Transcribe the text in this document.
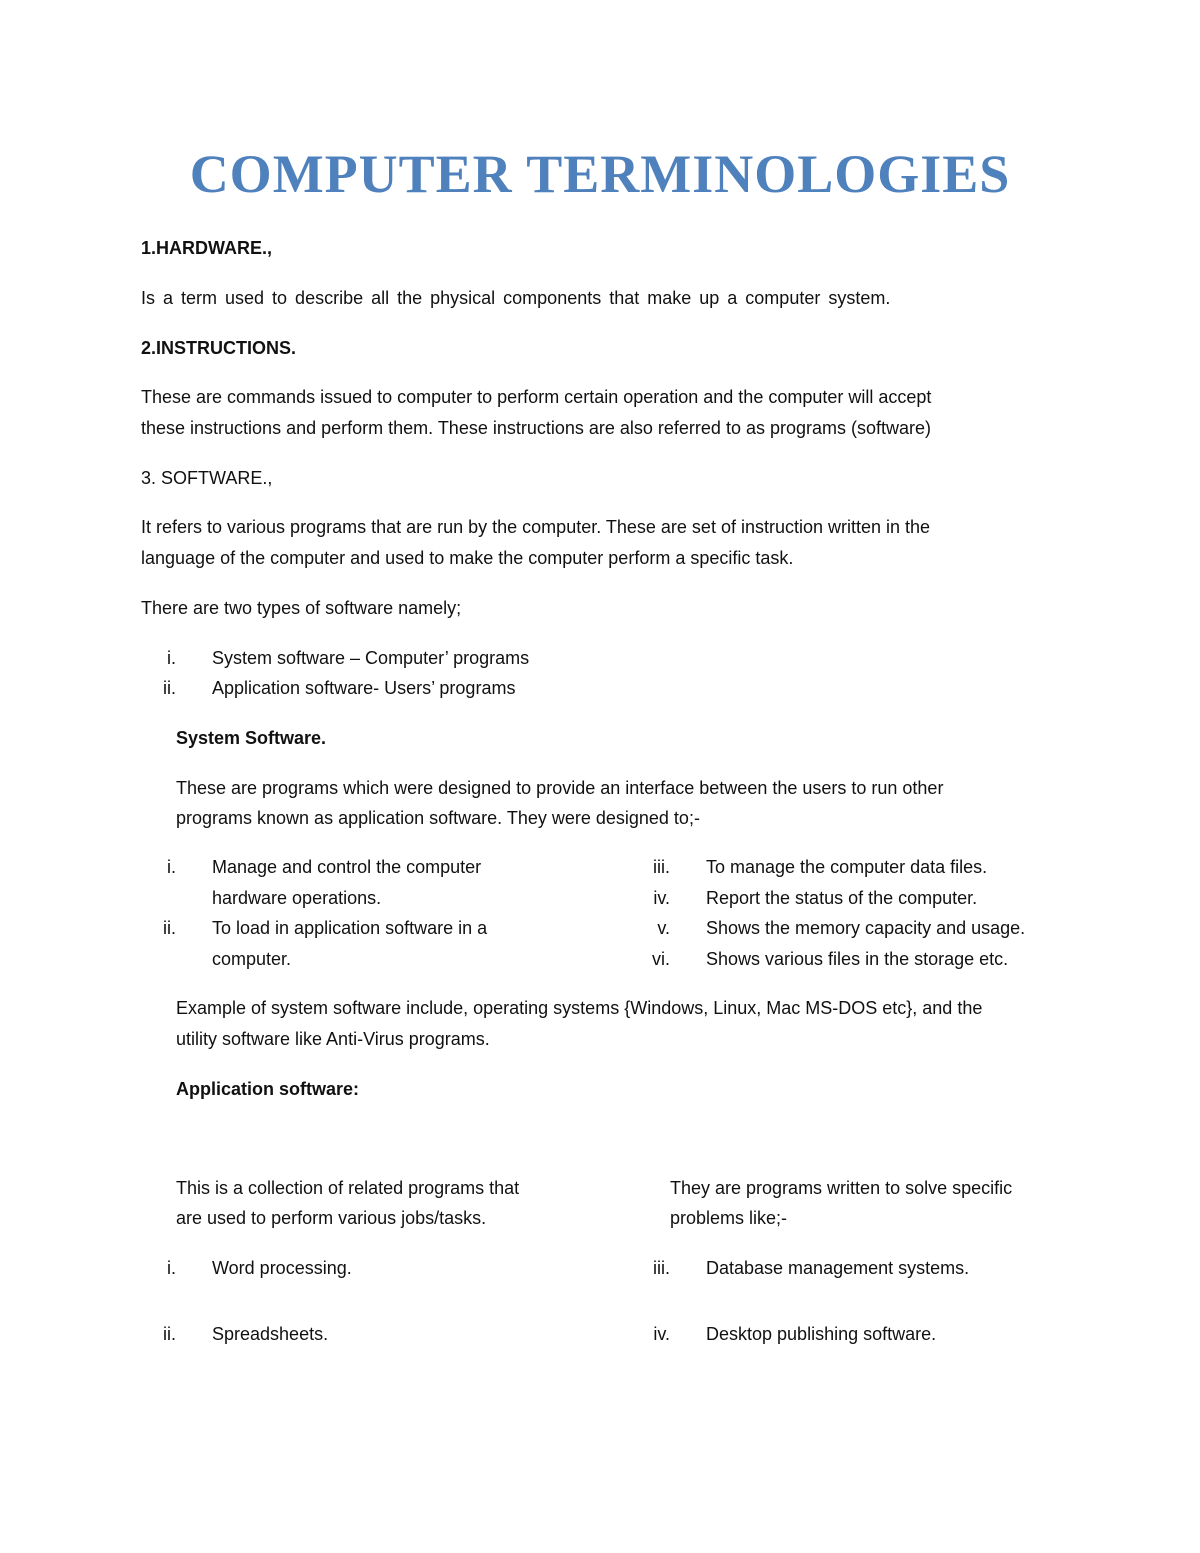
COMPUTER TERMINOLOGIES

1.HARDWARE.,

Is a term used to describe all the physical components that make up a computer system.

2.INSTRUCTIONS.

These are commands issued to computer to perform certain operation and the computer will accept

these instructions and perform them. These instructions are also referred to as programs (software)

3. SOFTWARE.,

It refers to various programs that are run by the computer. These are set of instruction written in the

language of the computer and used to make the computer perform a specific task.

There are two types of software namely;

i. System software – Computer’ programs
ii. Application software- Users’ programs

System Software.

These are programs which were designed to provide an interface between the users to run other

programs known as application software. They were designed to;-

i. Manage and control the computer
hardware operations.
ii. To load in application software in a
computer.
iii. To manage the computer data files.
iv. Report the status of the computer.
v. Shows the memory capacity and usage.
vi. Shows various files in the storage etc.

Example of system software include, operating systems {Windows, Linux, Mac MS-DOS etc}, and the

utility software like Anti-Virus programs.

Application software:

This is a collection of related programs that

are used to perform various jobs/tasks.

They are programs written to solve specific

problems like;-

i. Word processing.
ii. Spreadsheets.
iii. Database management systems.
iv. Desktop publishing software.
